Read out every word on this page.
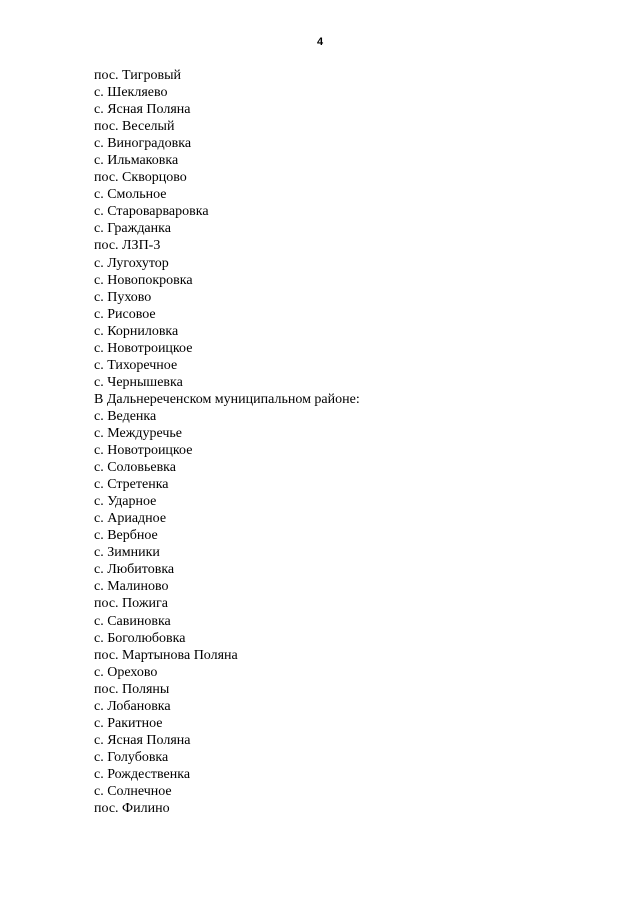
4
пос. Тигровый
с. Шекляево
с. Ясная Поляна
пос. Веселый
с. Виноградовка
с. Ильмаковка
пос. Скворцово
с. Смольное
с. Староварваровка
с. Гражданка
пос. ЛЗП-3
с. Лугохутор
с. Новопокровка
с. Пухово
с. Рисовое
с. Корниловка
с. Новотроицкое
с. Тихоречное
с. Чернышевка
В Дальнереченском муниципальном районе:
с. Веденка
с. Междуречье
с. Новотроицкое
с. Соловьевка
с. Стретенка
с. Ударное
с. Ариадное
с. Вербное
с. Зимники
с. Любитовка
с. Малиново
пос. Пожига
с. Савиновка
с. Боголюбовка
пос. Мартынова Поляна
с. Орехово
пос. Поляны
с. Лобановка
с. Ракитное
с. Ясная Поляна
с. Голубовка
с. Рождественка
с. Солнечное
пос. Филино
